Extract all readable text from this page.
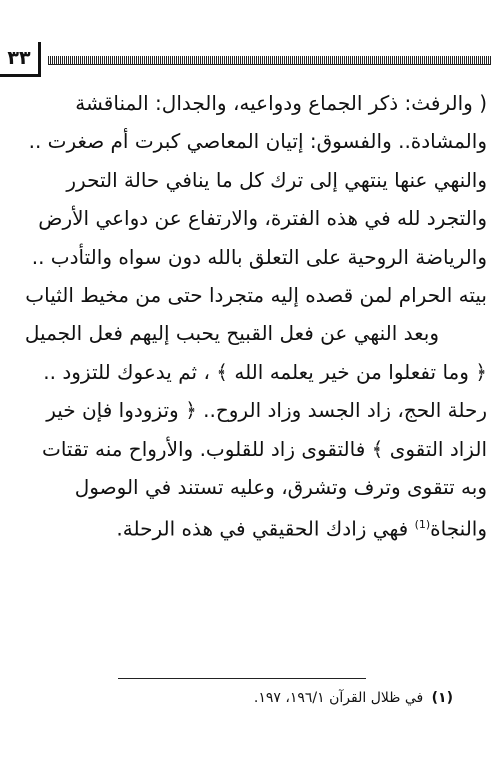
٣٣
( والرفث: ذكر الجماع ودواعيه، والجدال: المناقشة
والمشادة.. والفسوق: إتيان المعاصي كبرت أم صغرت ..
والنهي عنها ينتهي إلى ترك كل ما ينافي حالة التحرر
والتجرد لله في هذه الفترة، والارتفاع عن دواعي الأرض
والرياضة الروحية على التعلق بالله دون سواه والتأدب ..
بيته الحرام لمن قصده إليه متجردا حتى من مخيط الثياب
وبعد النهي عن فعل القبيح يحبب إليهم فعل الجميل
﴿ وما تفعلوا من خير يعلمه الله ﴾ ، ثم يدعوك للتزود ..
رحلة الحج، زاد الجسد وزاد الروح.. ﴿ وتزودوا فإن خير
الزاد التقوى ﴾ فالتقوى زاد للقلوب. والأرواح منه تقتات
وبه تتقوى وترف وتشرق، وعليه تستند في الوصول
والنجاة$^{(1)}$ فهي زادك الحقيقي في هذه الرحلة.
(١) في ظلال القرآن ١٩٦/١، ١٩٧.
